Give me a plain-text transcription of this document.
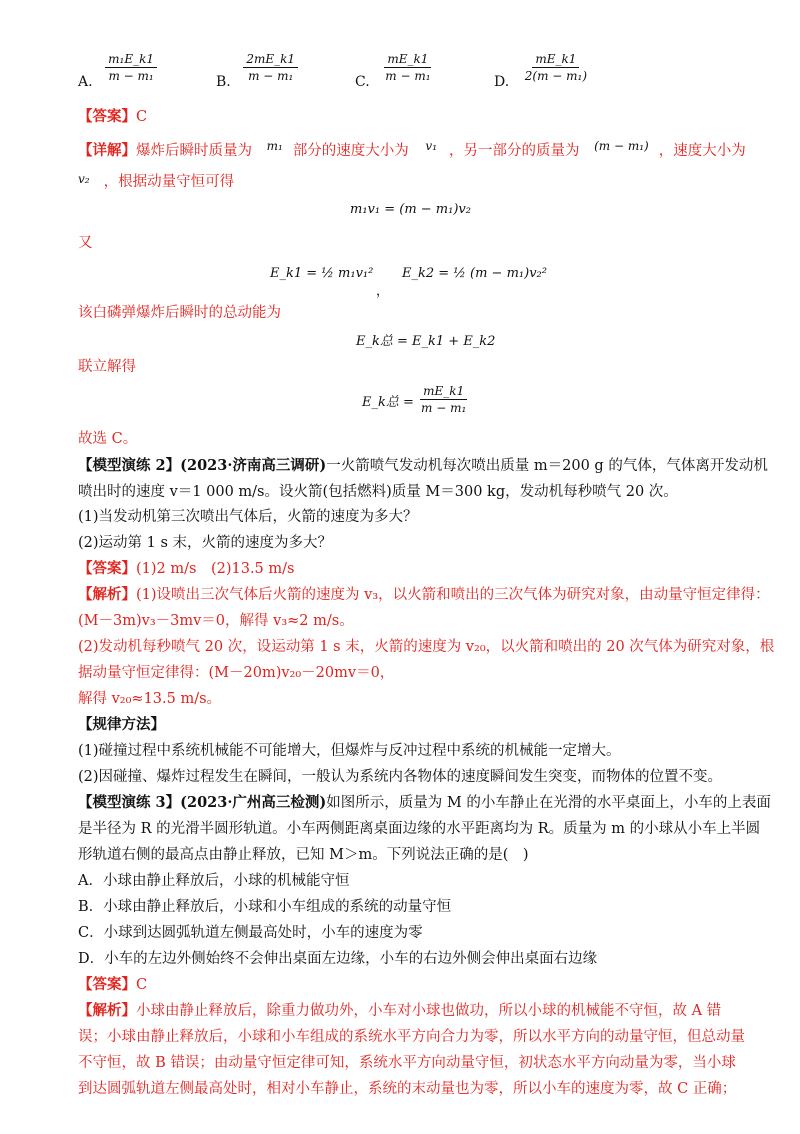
A. $\frac{\text{m₁E\_k1}}{\text{m − m₁}}$	B. $\frac{2mE\_k1}{\text{m − m₁}}$	C. $\frac{mE\_k1}{\text{m − m₁}}$	D. $\frac{mE\_k1}{\text{2(m − m₁)}}$
【答案】C
【详解】爆炸后瞬时质量为 $^{m_1}$ 部分的速度大小为 $^{v_1}$ ，另一部分的质量为 $^{(m - m_1)}$ ，速度大小为
$^{v_2}$ ，根据动量守恒可得
m₁v₁ = (m − m₁)v₂
又
E_k1 = ½ m₁v₁²
，
E_k2 = ½ (m − m₁)v₂²
该白磷弹爆炸后瞬时的总动能为
E_k总 = E_k1 + E_k2
联立解得
E_k总 = $\frac{mE\_k1}{\text{m − m₁}}$
故选 C。
【模型演练 2】(2023·济南高三调研)一火箭喷气发动机每次喷出质量 m＝200 g 的气体，气体离开发动机
喷出时的速度 v＝1 000 m/s。设火箭(包括燃料)质量 M＝300 kg，发动机每秒喷气 20 次。
(1)当发动机第三次喷出气体后，火箭的速度为多大？
(2)运动第 1 s 末，火箭的速度为多大？
【答案】(1)2 m/s　(2)13.5 m/s
【解析】(1)设喷出三次气体后火箭的速度为 v₃，以火箭和喷出的三次气体为研究对象，由动量守恒定律得：
(M－3m)v₃－3mv＝0，解得 v₃≈2 m/s。
(2)发动机每秒喷气 20 次，设运动第 1 s 末，火箭的速度为 v₂₀，以火箭和喷出的 20 次气体为研究对象，根
据动量守恒定律得：(M－20m)v₂₀－20mv＝0，
解得 v₂₀≈13.5 m/s。
【规律方法】
(1)碰撞过程中系统机械能不可能增大，但爆炸与反冲过程中系统的机械能一定增大。
(2)因碰撞、爆炸过程发生在瞬间，一般认为系统内各物体的速度瞬间发生突变，而物体的位置不变。
【模型演练 3】(2023·广州高三检测)如图所示，质量为 M 的小车静止在光滑的水平桌面上，小车的上表面
是半径为 R 的光滑半圆形轨道。小车两侧距离桌面边缘的水平距离均为 R。质量为 m 的小球从小车上半圆
形轨道右侧的最高点由静止释放，已知 M＞m。下列说法正确的是(　)
A．小球由静止释放后，小球的机械能守恒
B．小球由静止释放后，小球和小车组成的系统的动量守恒
C．小球到达圆弧轨道左侧最高处时，小车的速度为零
D．小车的左边外侧始终不会伸出桌面左边缘，小车的右边外侧会伸出桌面右边缘
【答案】C
【解析】小球由静止释放后，除重力做功外，小车对小球也做功，所以小球的机械能不守恒，故 A 错
误；小球由静止释放后，小球和小车组成的系统水平方向合力为零，所以水平方向的动量守恒，但总动量
不守恒，故 B 错误；由动量守恒定律可知，系统水平方向动量守恒，初状态水平方向动量为零，当小球
到达圆弧轨道左侧最高处时，相对小车静止，系统的末动量也为零，所以小车的速度为零，故 C 正确；
